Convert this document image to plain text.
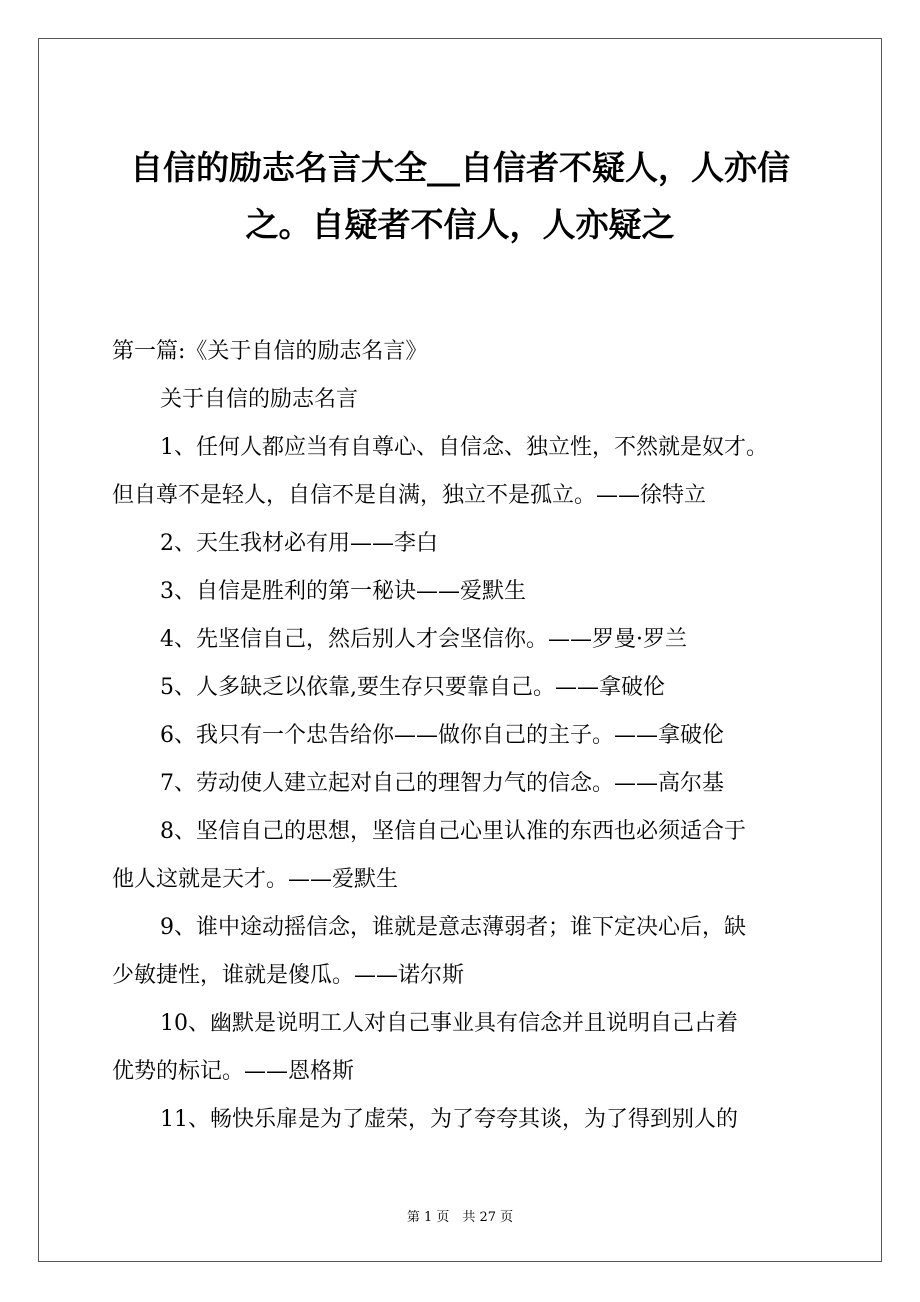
自信的励志名言大全__自信者不疑人，人亦信
之。自疑者不信人，人亦疑之
第一篇:《关于自信的励志名言》
关于自信的励志名言
1、任何人都应当有自尊心、自信念、独立性，不然就是奴才。
但自尊不是轻人，自信不是自满，独立不是孤立。——徐特立
2、天生我材必有用——李白
3、自信是胜利的第一秘诀——爱默生
4、先坚信自己，然后别人才会坚信你。——罗曼·罗兰
5、人多缺乏以依靠,要生存只要靠自己。——拿破伦
6、我只有一个忠告给你——做你自己的主子。——拿破伦
7、劳动使人建立起对自己的理智力气的信念。——高尔基
8、坚信自己的思想，坚信自己心里认准的东西也必须适合于
他人这就是天才。——爱默生
9、谁中途动摇信念，谁就是意志薄弱者；谁下定决心后，缺
少敏捷性，谁就是傻瓜。——诺尔斯
10、幽默是说明工人对自己事业具有信念并且说明自己占着
优势的标记。——恩格斯
11、畅快乐扉是为了虚荣，为了夸夸其谈，为了得到别人的
第 1 页　共 27 页
